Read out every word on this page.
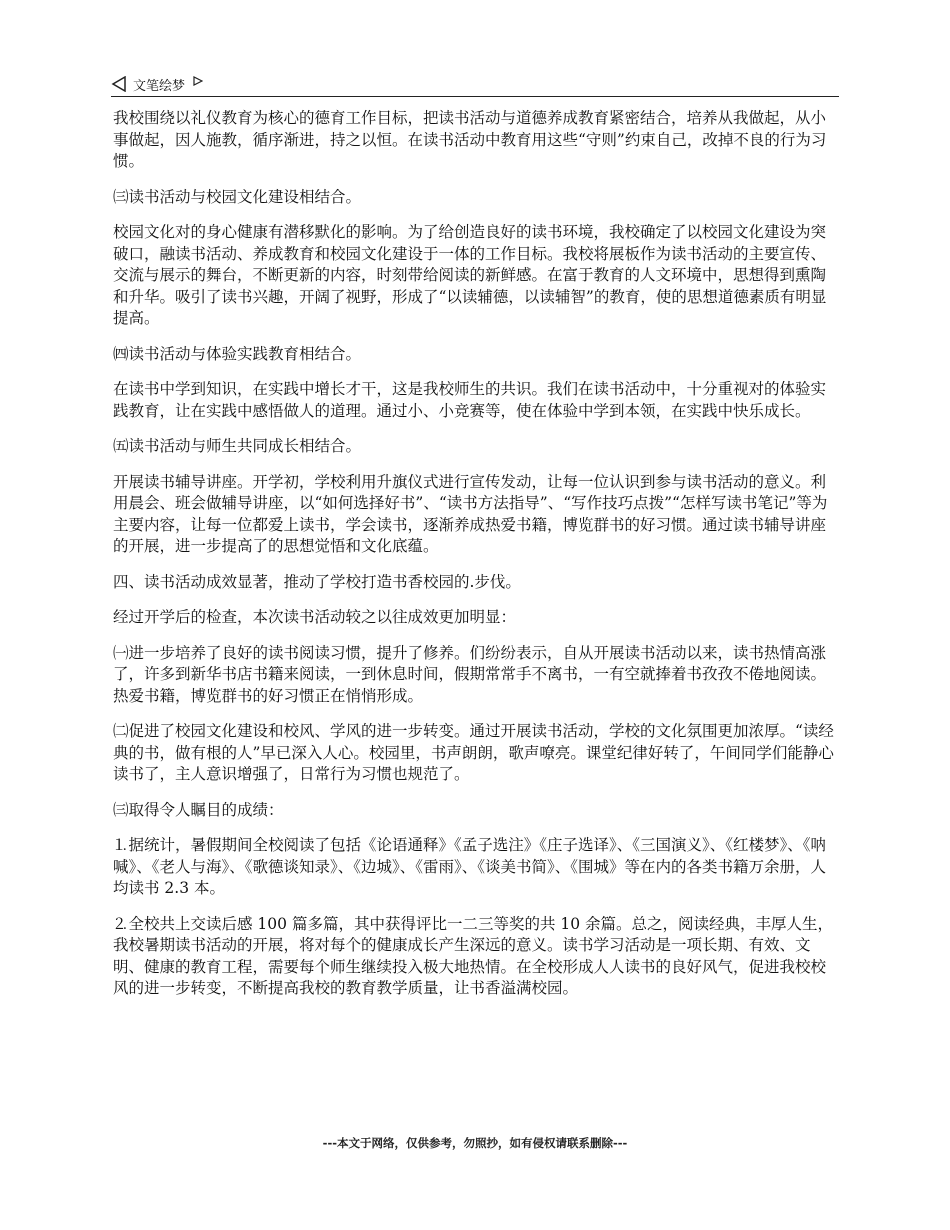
文笔绘梦

我校围绕以礼仪教育为核心的德育工作目标，把读书活动与道德养成教育紧密结合，培养从我做起，从小事做起，因人施教，循序渐进，持之以恒。在读书活动中教育用这些“守则”约束自己，改掉不良的行为习惯。

㈢读书活动与校园文化建设相结合。

校园文化对的身心健康有潜移默化的影响。为了给创造良好的读书环境，我校确定了以校园文化建设为突破口，融读书活动、养成教育和校园文化建设于一体的工作目标。我校将展板作为读书活动的主要宣传、交流与展示的舞台，不断更新的内容，时刻带给阅读的新鲜感。在富于教育的人文环境中，思想得到熏陶和升华。吸引了读书兴趣，开阔了视野，形成了“以读辅德，以读辅智”的教育，使的思想道德素质有明显提高。

㈣读书活动与体验实践教育相结合。

在读书中学到知识，在实践中增长才干，这是我校师生的共识。我们在读书活动中，十分重视对的体验实践教育，让在实践中感悟做人的道理。通过小、小竞赛等，使在体验中学到本领，在实践中快乐成长。

㈤读书活动与师生共同成长相结合。

开展读书辅导讲座。开学初，学校利用升旗仪式进行宣传发动，让每一位认识到参与读书活动的意义。利用晨会、班会做辅导讲座，以“如何选择好书”、“读书方法指导”、“写作技巧点拨”“怎样写读书笔记”等为主要内容，让每一位都爱上读书，学会读书，逐渐养成热爱书籍，博览群书的好习惯。通过读书辅导讲座的开展，进一步提高了的思想觉悟和文化底蕴。

四、读书活动成效显著，推动了学校打造书香校园的.步伐。

经过开学后的检查，本次读书活动较之以往成效更加明显：

㈠进一步培养了良好的读书阅读习惯，提升了修养。们纷纷表示，自从开展读书活动以来，读书热情高涨了，许多到新华书店书籍来阅读，一到休息时间，假期常常手不离书，一有空就捧着书孜孜不倦地阅读。热爱书籍，博览群书的好习惯正在悄悄形成。

㈡促进了校园文化建设和校风、学风的进一步转变。通过开展读书活动，学校的文化氛围更加浓厚。“读经典的书，做有根的人”早已深入人心。校园里，书声朗朗，歌声嘹亮。课堂纪律好转了，午间同学们能静心读书了，主人意识增强了，日常行为习惯也规范了。

㈢取得令人瞩目的成绩：

⒈据统计，暑假期间全校阅读了包括《论语通释》《孟子选注》《庄子选译》、《三国演义》、《红楼梦》、《呐喊》、《老人与海》、《歌德谈知录》、《边城》、《雷雨》、《谈美书简》、《围城》等在内的各类书籍万余册，人均读书 2.3 本。

⒉全校共上交读后感 100 篇多篇，其中获得评比一二三等奖的共 10 余篇。总之，阅读经典，丰厚人生，我校暑期读书活动的开展，将对每个的健康成长产生深远的意义。读书学习活动是一项长期、有效、文明、健康的教育工程，需要每个师生继续投入极大地热情。在全校形成人人读书的良好风气，促进我校校风的进一步转变，不断提高我校的教育教学质量，让书香溢满校园。

---本文于网络，仅供参考，勿照抄，如有侵权请联系删除---
